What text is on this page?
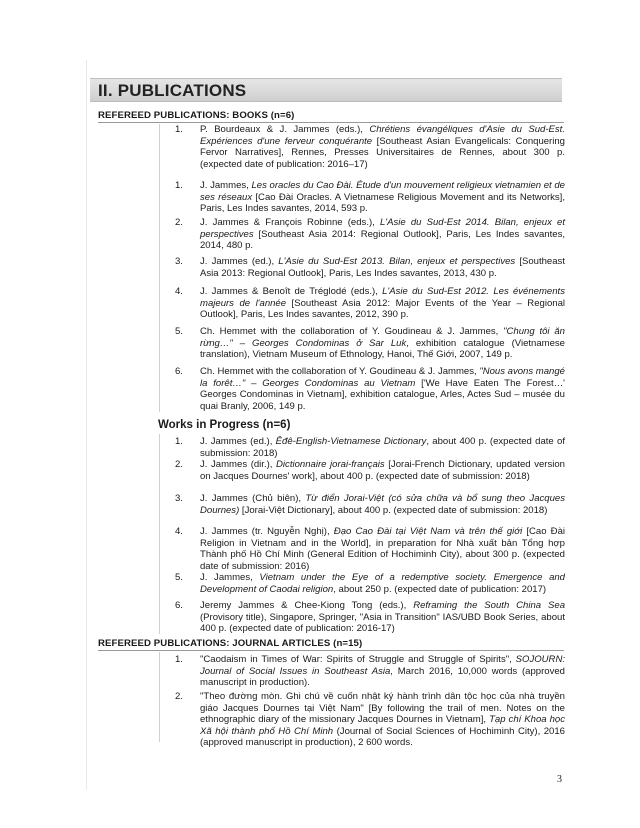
II. PUBLICATIONS
REFEREED PUBLICATIONS: BOOKS (n=6)
1.	P. Bourdeaux & J. Jammes (eds.), Chrétiens évangéliques d'Asie du Sud-Est. Expériences d'une ferveur conquérante [Southeast Asian Evangelicals: Conquering Fervor Narratives], Rennes, Presses Universitaires de Rennes, about 300 p. (expected date of publication: 2016–17)
1.	J. Jammes, Les oracles du Cao Đài. Étude d'un mouvement religieux vietnamien et de ses réseaux [Cao Đài Oracles. A Vietnamese Religious Movement and its Networks], Paris, Les Indes savantes, 2014, 593 p.
2.	J. Jammes & François Robinne (eds.), L'Asie du Sud-Est 2014. Bilan, enjeux et perspectives [Southeast Asia 2014: Regional Outlook], Paris, Les Indes savantes, 2014, 480 p.
3.	J. Jammes (ed.), L'Asie du Sud-Est 2013. Bilan, enjeux et perspectives [Southeast Asia 2013: Regional Outlook], Paris, Les Indes savantes, 2013, 430 p.
4.	J. Jammes & Benoît de Tréglodé (eds.), L'Asie du Sud-Est 2012. Les événements majeurs de l'année [Southeast Asia 2012: Major Events of the Year – Regional Outlook], Paris, Les Indes savantes, 2012, 390 p.
5.	Ch. Hemmet with the collaboration of Y. Goudineau & J. Jammes, "Chung tôi ăn rừng…" – Georges Condominas ở Sar Luk, exhibition catalogue (Vietnamese translation), Vietnam Museum of Ethnology, Hanoi, Thế Giới, 2007, 149 p.
6.	Ch. Hemmet with the collaboration of Y. Goudineau & J. Jammes, "Nous avons mangé la forêt…" – Georges Condominas au Vietnam ['We Have Eaten The Forest…' Georges Condominas in Vietnam], exhibition catalogue, Arles, Actes Sud – musée du quai Branly, 2006, 149 p.
Works in Progress (n=6)
1.	J. Jammes (ed.), Êđê-English-Vietnamese Dictionary, about 400 p. (expected date of submission: 2018)
2.	J. Jammes (dir.), Dictionnaire jorai-français [Jorai-French Dictionary, updated version on Jacques Dournes' work], about 400 p. (expected date of submission: 2018)
3.	J. Jammes (Chủ biên), Từ điển Jorai-Việt (có sửa chữa và bổ sung theo Jacques Dournes) [Jorai-Việt Dictionary], about 400 p. (expected date of submission: 2018)
4.	J. Jammes (tr. Nguyễn Nghị), Đạo Cao Đài tại Việt Nam và trên thế giới [Cao Đài Religion in Vietnam and in the World], in preparation for Nhà xuất bản Tổng hợp Thành phố Hồ Chí Minh (General Edition of Hochiminh City), about 300 p. (expected date of submission: 2016)
5.	J. Jammes, Vietnam under the Eye of a redemptive society. Emergence and Development of Caodai religion, about 250 p. (expected date of publication: 2017)
6.	Jeremy Jammes & Chee-Kiong Tong (eds.), Reframing the South China Sea (Provisory title), Singapore, Springer, "Asia in Transition" IAS/UBD Book Series, about 400 p. (expected date of publication: 2016-17)
REFEREED PUBLICATIONS: JOURNAL ARTICLES (n=15)
1.	"Caodaism in Times of War: Spirits of Struggle and Struggle of Spirits", SOJOURN: Journal of Social Issues in Southeast Asia, March 2016, 10,000 words (approved manuscript in production).
2.	"Theo đường mòn. Ghi chú về cuốn nhật ký hành trình dân tộc học của nhà truyền giáo Jacques Dournes tại Việt Nam" [By following the trail of men. Notes on the ethnographic diary of the missionary Jacques Dournes in Vietnam], Tạp chí Khoa học Xã hội thành phố Hồ Chí Minh (Journal of Social Sciences of Hochiminh City), 2016 (approved manuscript in production), 2 600 words.
3
